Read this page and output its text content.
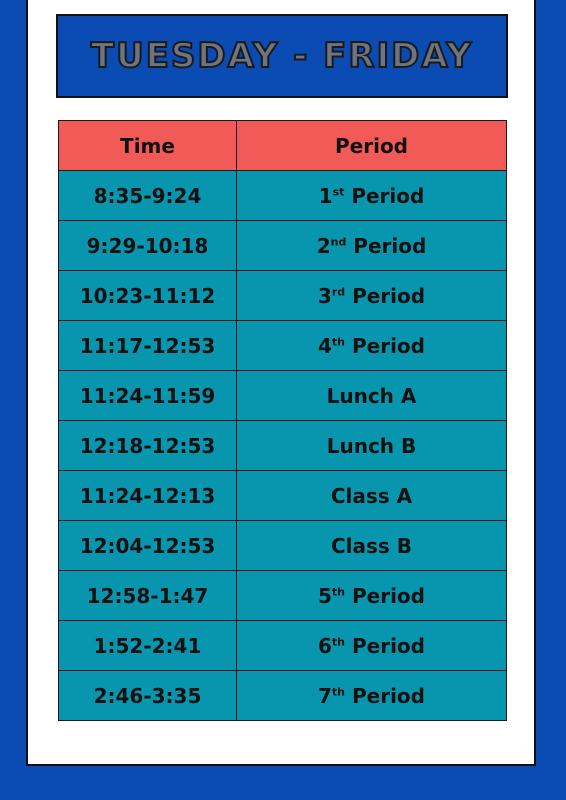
TUESDAY - FRIDAY
Time	Period
8:35-9:24	1st Period
9:29-10:18	2nd Period
10:23-11:12	3rd Period
11:17-12:53	4th Period
11:24-11:59	Lunch A
12:18-12:53	Lunch B
11:24-12:13	Class A
12:04-12:53	Class B
12:58-1:47	5th Period
1:52-2:41	6th Period
2:46-3:35	7th Period
